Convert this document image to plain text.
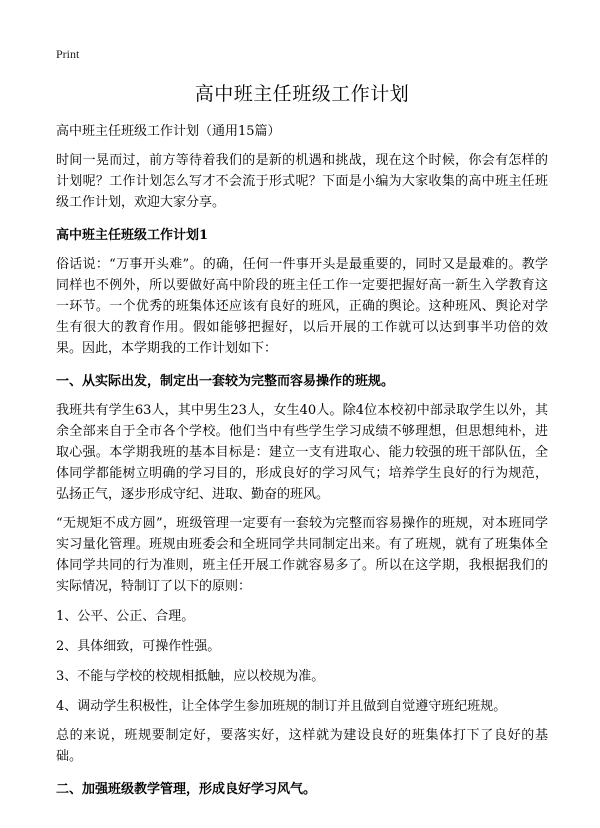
Print
高中班主任班级工作计划

高中班主任班级工作计划（通用15篇）

时间一晃而过，前方等待着我们的是新的机遇和挑战，现在这个时候，你会有怎样的计划呢？工作计划怎么写才不会流于形式呢？下面是小编为大家收集的高中班主任班级工作计划，欢迎大家分享。

高中班主任班级工作计划1

俗话说：“万事开头难”。的确，任何一件事开头是最重要的，同时又是最难的。教学同样也不例外，所以要做好高中阶段的班主任工作一定要把握好高一新生入学教育这一环节。一个优秀的班集体还应该有良好的班风，正确的舆论。这种班风、舆论对学生有很大的教育作用。假如能够把握好，以后开展的工作就可以达到事半功倍的效果。因此，本学期我的工作计划如下：

一、从实际出发，制定出一套较为完整而容易操作的班规。

我班共有学生63人，其中男生23人，女生40人。除4位本校初中部录取学生以外，其余全部来自于全市各个学校。他们当中有些学生学习成绩不够理想，但思想纯朴，进取心强。本学期我班的基本目标是：建立一支有进取心、能力较强的班干部队伍，全体同学都能树立明确的学习目的，形成良好的学习风气；培养学生良好的行为规范，弘扬正气，逐步形成守纪、进取、勤奋的班风。

“无规矩不成方圆”，班级管理一定要有一套较为完整而容易操作的班规，对本班同学实习量化管理。班规由班委会和全班同学共同制定出来。有了班规，就有了班集体全体同学共同的行为准则，班主任开展工作就容易多了。所以在这学期，我根据我们的实际情况，特制订了以下的原则：

1、公平、公正、合理。

2、具体细致，可操作性强。

3、不能与学校的校规相抵触，应以校规为准。

4、调动学生积极性，让全体学生参加班规的制订并且做到自觉遵守班纪班规。

总的来说，班规要制定好，要落实好，这样就为建设良好的班集体打下了良好的基础。

二、加强班级教学管理，形成良好学习风气。
